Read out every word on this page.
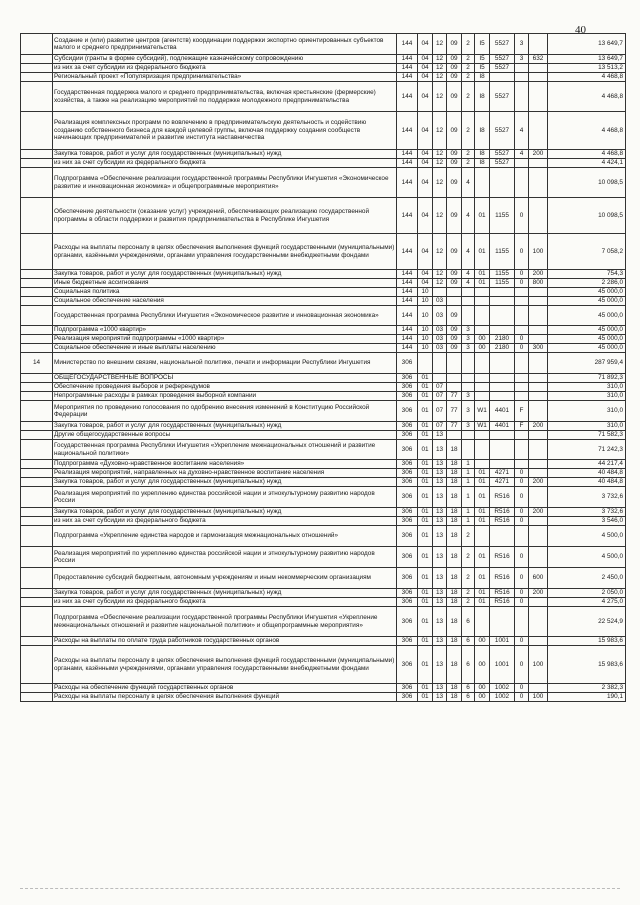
40
	Создание и (или) развитие центров (агентств) координации поддержки экспортно ориентированных субъектов малого и среднего предпринимательства	144	04	12	09	2	I5	5527	3		13 649,7
	Субсидии (гранты в форме субсидий), подлежащие казначейскому сопровождению	144	04	12	09	2	I5	5527	3	632	13 649,7
	из них за счет субсидии из федерального бюджета	144	04	12	09	2	I5	5527			13 513,2
	Региональный проект «Популяризация предпринимательства»	144	04	12	09	2	I8				4 468,8
	Государственная поддержка малого и среднего предпринимательства, включая крестьянские (фермерские) хозяйства, а также на реализацию мероприятий по поддержке молодежного предпринимательства	144	04	12	09	2	I8	5527			4 468,8
	Реализация комплексных программ по вовлечению в предпринимательскую деятельность и содействию созданию собственного бизнеса для каждой целевой группы, включая поддержку создания сообществ начинающих предпринимателей и развитие института наставничества	144	04	12	09	2	I8	5527	4		4 468,8
	Закупка товаров, работ и услуг для государственных (муниципальных) нужд	144	04	12	09	2	I8	5527	4	200	4 468,8
	из них за счет субсидии из федерального бюджета	144	04	12	09	2	I8	5527			4 424,1
	Подпрограмма «Обеспечение реализации государственной программы Республики Ингушетия «Экономическое развитие и инновационная экономика» и общепрограммные мероприятия»	144	04	12	09	4					10 098,5
	Обеспечение деятельности (оказание услуг) учреждений, обеспечивающих реализацию государственной программы в области поддержки и развития предпринимательства в Республике Ингушетия	144	04	12	09	4	01	1155	0		10 098,5
	Расходы на выплаты персоналу в целях обеспечения выполнения функций государственными (муниципальными) органами, казёнными учреждениями, органами управления государственными внебюджетными фондами	144	04	12	09	4	01	1155	0	100	7 058,2
	Закупка товаров, работ и услуг для государственных (муниципальных) нужд	144	04	12	09	4	01	1155	0	200	754,3
	Иные бюджетные ассигнования	144	04	12	09	4	01	1155	0	800	2 286,0
	Социальная политика	144	10								45 000,0
	Социальное обеспечение населения	144	10	03							45 000,0
	Государственная программа Республики Ингушетия «Экономическое развитие и инновационная экономика»	144	10	03	09						45 000,0
	Подпрограмма «1000 квартир»	144	10	03	09	3					45 000,0
	Реализация мероприятий подпрограммы «1000 квартир»	144	10	03	09	3	00	2180	0		45 000,0
	Социальное обеспечение и иные выплаты населению	144	10	03	09	3	00	2180	0	300	45 000,0
14	Министерство по внешним связям, национальной политике, печати и информации Республики Ингушетия	306									287 959,4
	ОБЩЕГОСУДАРСТВЕННЫЕ ВОПРОСЫ	306	01								71 892,3
	Обеспечение проведения выборов и референдумов	306	01	07							310,0
	Непрограммные расходы в рамках проведения выборной компании	306	01	07	77	3					310,0
	Мероприятия по проведению голосования по одобрению внесения изменений в Конституцию Российской Федерации	306	01	07	77	3	W1	4401	F		310,0
	Закупка товаров, работ и услуг для государственных (муниципальных) нужд	306	01	07	77	3	W1	4401	F	200	310,0
	Другие общегосударственные вопросы	306	01	13							71 582,3
	Государственная программа Республики Ингушетия «Укрепление межнациональных отношений и развитие национальной политики»	306	01	13	18						71 242,3
	Подпрограмма «Духовно-нравственное воспитание населения»	306	01	13	18	1					44 217,4
	Реализация мероприятий, направленных на духовно-нравственное воспитание населения	306	01	13	18	1	01	4271	0		40 484,8
	Закупка товаров, работ и услуг для государственных (муниципальных) нужд	306	01	13	18	1	01	4271	0	200	40 484,8
	Реализация мероприятий по укреплению единства российской нации и этнокультурному развитию народов России	306	01	13	18	1	01	R516	0		3 732,6
	Закупка товаров, работ и услуг для государственных (муниципальных) нужд	306	01	13	18	1	01	R516	0	200	3 732,6
	из них за счет субсидии из федерального бюджета	306	01	13	18	1	01	R516	0		3 546,0
	Подпрограмма «Укрепление единства народов и гармонизация межнациональных отношений»	306	01	13	18	2					4 500,0
	Реализация мероприятий по укреплению единства российской нации и этнокультурному развитию народов России	306	01	13	18	2	01	R516	0		4 500,0
	Предоставление субсидий бюджетным, автономным учреждениям и иным некоммерческим организациям	306	01	13	18	2	01	R516	0	600	2 450,0
	Закупка товаров, работ и услуг для государственных (муниципальных) нужд	306	01	13	18	2	01	R516	0	200	2 050,0
	из них за счет субсидии из федерального бюджета	306	01	13	18	2	01	R516	0		4 275,0
	Подпрограмма «Обеспечение реализации государственной программы Республики Ингушетия «Укрепление межнациональных отношений и развитие национальной политики» и общепрограммные мероприятия»	306	01	13	18	6					22 524,9
	Расходы на выплаты по оплате труда работников государственных органов	306	01	13	18	6	00	1001	0		15 983,6
	Расходы на выплаты персоналу в целях обеспечения выполнения функций государственными (муниципальными) органами, казёнными учреждениями, органами управления государственными внебюджетными фондами	306	01	13	18	6	00	1001	0	100	15 983,6
	Расходы на обеспечение функций государственных органов	306	01	13	18	6	00	1002	0		2 382,3
	Расходы на выплаты персоналу в целях обеспечения выполнения функций	306	01	13	18	6	00	1002	0	100	190,1
